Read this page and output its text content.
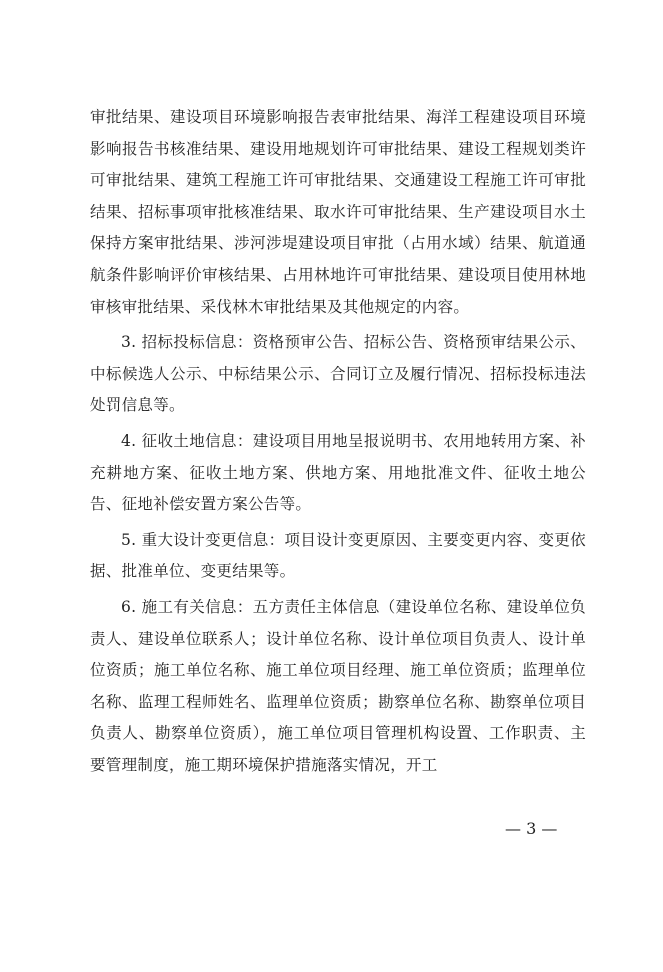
审批结果、建设项目环境影响报告表审批结果、海洋工程建设项目环境影响报告书核准结果、建设用地规划许可审批结果、建设工程规划类许可审批结果、建筑工程施工许可审批结果、交通建设工程施工许可审批结果、招标事项审批核准结果、取水许可审批结果、生产建设项目水土保持方案审批结果、涉河涉堤建设项目审批（占用水域）结果、航道通航条件影响评价审核结果、占用林地许可审批结果、建设项目使用林地审核审批结果、采伐林木审批结果及其他规定的内容。

3. 招标投标信息：资格预审公告、招标公告、资格预审结果公示、中标候选人公示、中标结果公示、合同订立及履行情况、招标投标违法处罚信息等。

4. 征收土地信息：建设项目用地呈报说明书、农用地转用方案、补充耕地方案、征收土地方案、供地方案、用地批准文件、征收土地公告、征地补偿安置方案公告等。

5. 重大设计变更信息：项目设计变更原因、主要变更内容、变更依据、批准单位、变更结果等。

6. 施工有关信息：五方责任主体信息（建设单位名称、建设单位负责人、建设单位联系人；设计单位名称、设计单位项目负责人、设计单位资质；施工单位名称、施工单位项目经理、施工单位资质；监理单位名称、监理工程师姓名、监理单位资质；勘察单位名称、勘察单位项目负责人、勘察单位资质），施工单位项目管理机构设置、工作职责、主要管理制度，施工期环境保护措施落实情况，开工

— 3 —
